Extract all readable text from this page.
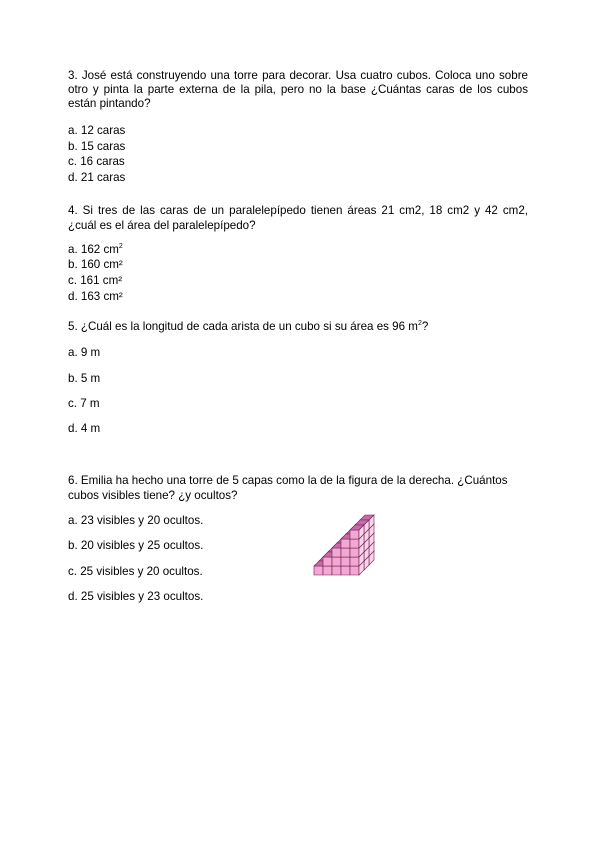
3. José está construyendo una torre para decorar. Usa cuatro cubos. Coloca uno sobre otro y pinta la parte externa de la pila, pero no la base ¿Cuántas caras de los cubos están pintando?
a. 12 caras
b. 15 caras
c. 16 caras
d. 21 caras
4. Si tres de las caras de un paralelepípedo tienen áreas 21 cm2, 18 cm2 y 42 cm2, ¿cuál es el área del paralelepípedo?
a. 162 $cm^2$
b. 160 cm²
c. 161 cm²
d. 163 cm²
5. ¿Cuál es la longitud de cada arista de un cubo si su área es 96 $m^2$?
a. 9 m
b. 5 m
c. 7 m
d. 4 m
6. Emilia ha hecho una torre de 5 capas como la de la figura de la derecha. ¿Cuántos cubos visibles tiene? ¿y ocultos?
a. 23 visibles y 20 ocultos.
b. 20 visibles y 25 ocultos.
c. 25 visibles y 20 ocultos.
d. 25 visibles y 23 ocultos.
